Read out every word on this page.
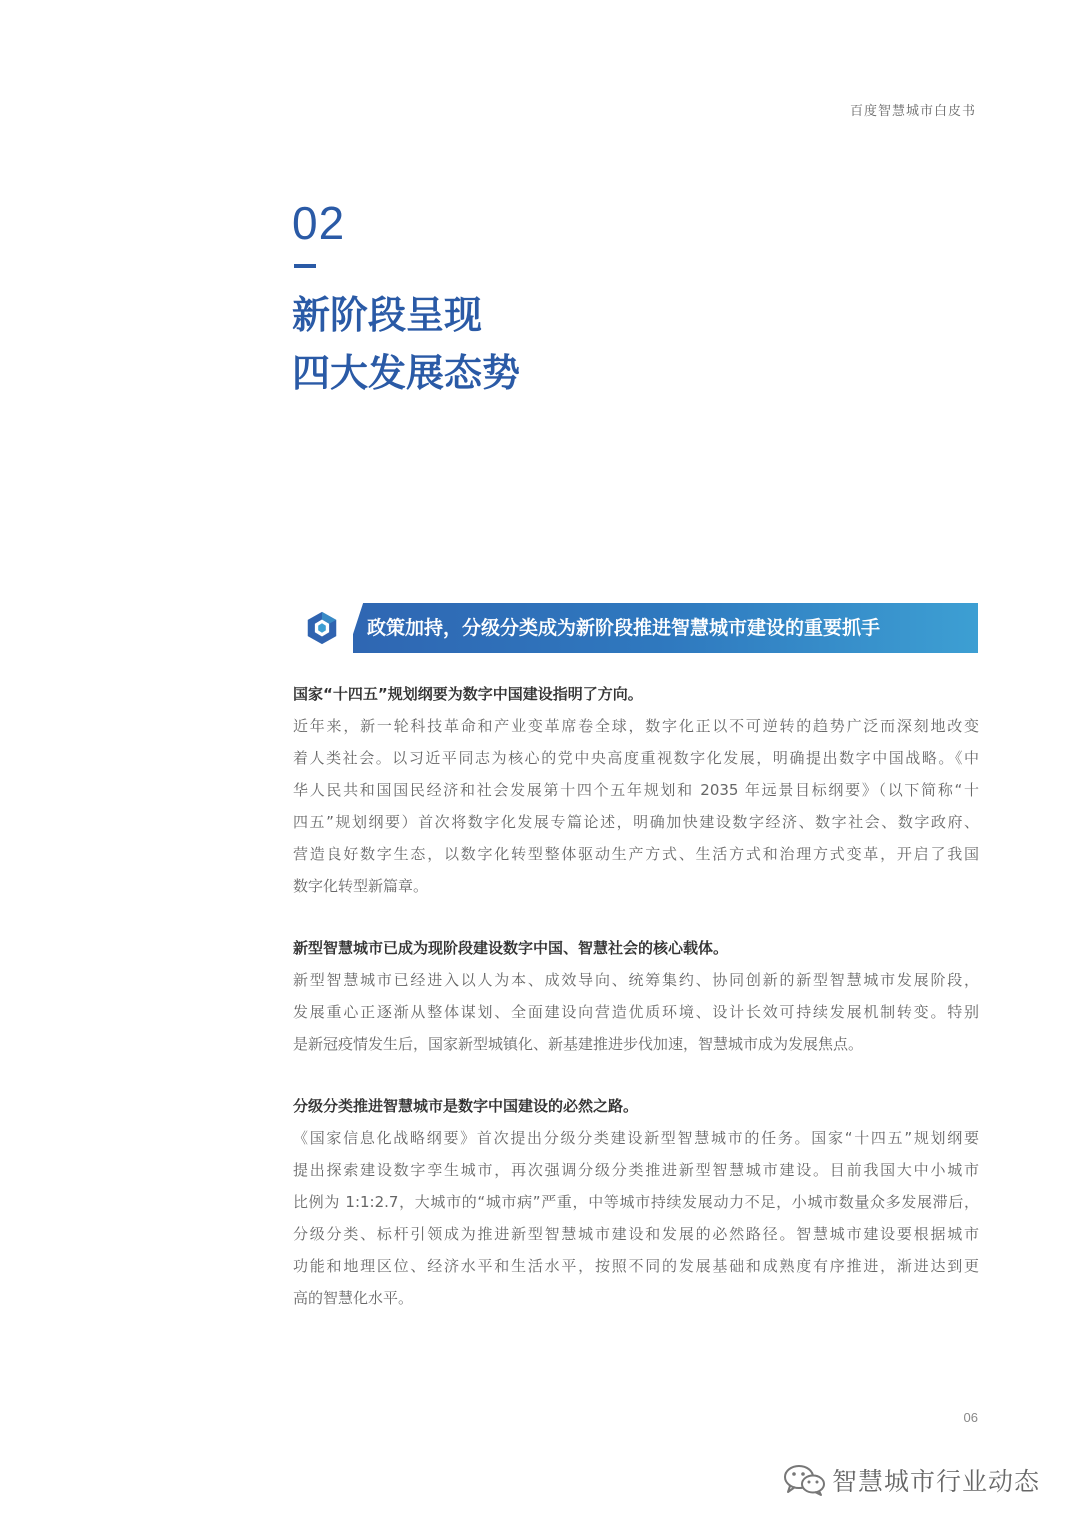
百度智慧城市白皮书
02
新阶段呈现
四大发展态势
政策加持，分级分类成为新阶段推进智慧城市建设的重要抓手
国家“十四五”规划纲要为数字中国建设指明了方向。
近年来，新一轮科技革命和产业变革席卷全球，数字化正以不可逆转的趋势广泛而深刻地改变
着人类社会。以习近平同志为核心的党中央高度重视数字化发展，明确提出数字中国战略。《中
华人民共和国国民经济和社会发展第十四个五年规划和 2035 年远景目标纲要》（以下简称“十
四五”规划纲要）首次将数字化发展专篇论述，明确加快建设数字经济、数字社会、数字政府、
营造良好数字生态，以数字化转型整体驱动生产方式、生活方式和治理方式变革，开启了我国
数字化转型新篇章。
新型智慧城市已成为现阶段建设数字中国、智慧社会的核心载体。
新型智慧城市已经进入以人为本、成效导向、统筹集约、协同创新的新型智慧城市发展阶段，
发展重心正逐渐从整体谋划、全面建设向营造优质环境、设计长效可持续发展机制转变。特别
是新冠疫情发生后，国家新型城镇化、新基建推进步伐加速，智慧城市成为发展焦点。
分级分类推进智慧城市是数字中国建设的必然之路。
《国家信息化战略纲要》首次提出分级分类建设新型智慧城市的任务。国家“十四五”规划纲要
提出探索建设数字孪生城市，再次强调分级分类推进新型智慧城市建设。目前我国大中小城市
比例为 1:1:2.7，大城市的“城市病”严重，中等城市持续发展动力不足，小城市数量众多发展滞后，
分级分类、标杆引领成为推进新型智慧城市建设和发展的必然路径。智慧城市建设要根据城市
功能和地理区位、经济水平和生活水平，按照不同的发展基础和成熟度有序推进，渐进达到更
高的智慧化水平。
06
智慧城市行业动态
